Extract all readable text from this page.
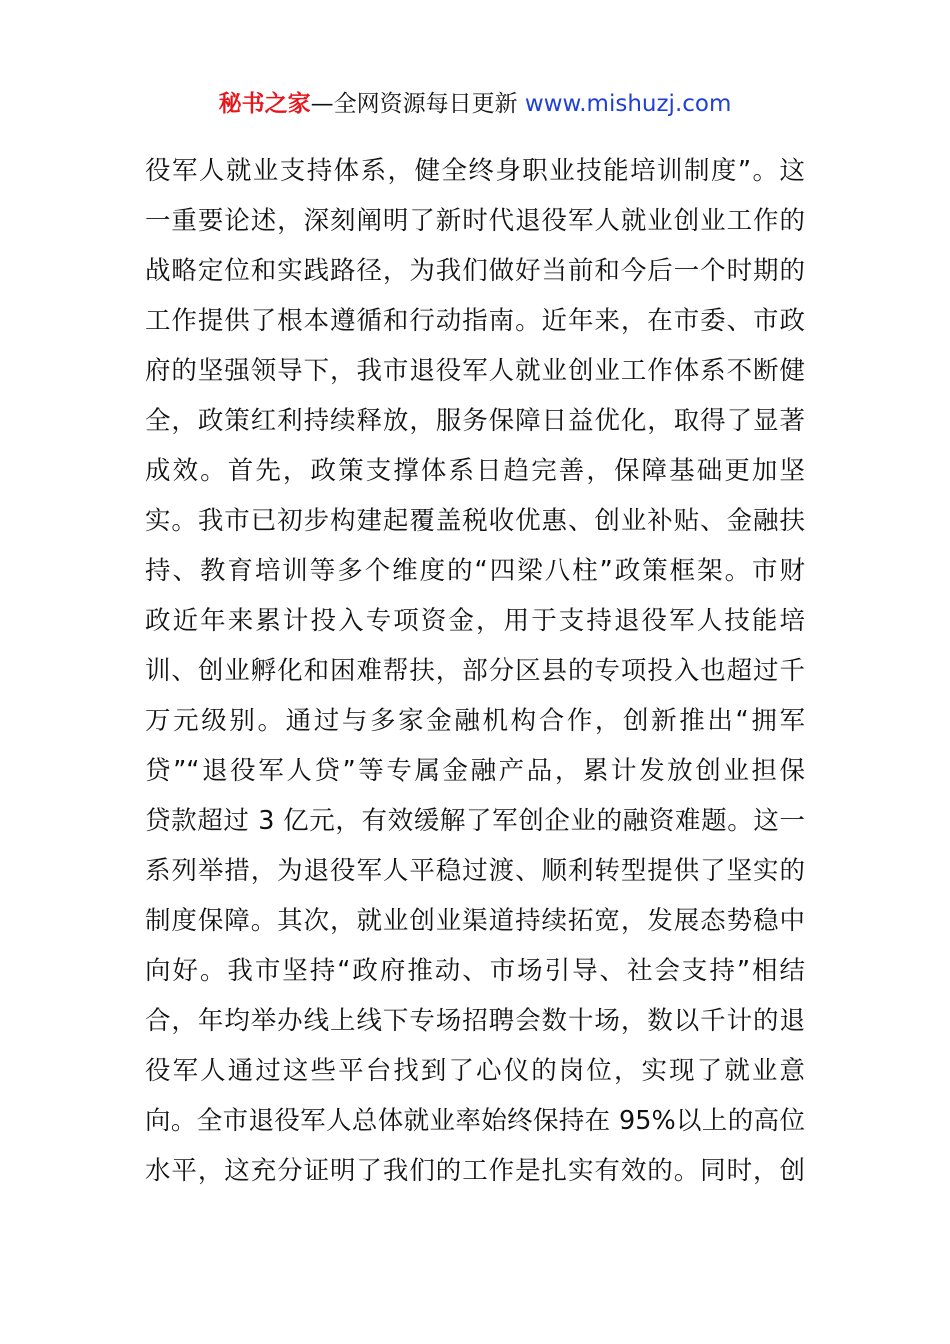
秘书之家—全网资源每日更新 www.mishuzj.com
役军人就业支持体系，健全终身职业技能培训制度”。这
一重要论述，深刻阐明了新时代退役军人就业创业工作的
战略定位和实践路径，为我们做好当前和今后一个时期的
工作提供了根本遵循和行动指南。近年来，在市委、市政
府的坚强领导下，我市退役军人就业创业工作体系不断健
全，政策红利持续释放，服务保障日益优化，取得了显著
成效。首先，政策支撑体系日趋完善，保障基础更加坚
实。我市已初步构建起覆盖税收优惠、创业补贴、金融扶
持、教育培训等多个维度的“四梁八柱”政策框架。市财
政近年来累计投入专项资金，用于支持退役军人技能培
训、创业孵化和困难帮扶，部分区县的专项投入也超过千
万元级别。通过与多家金融机构合作，创新推出“拥军
贷”“退役军人贷”等专属金融产品，累计发放创业担保
贷款超过 3 亿元，有效缓解了军创企业的融资难题。这一
系列举措，为退役军人平稳过渡、顺利转型提供了坚实的
制度保障。其次，就业创业渠道持续拓宽，发展态势稳中
向好。我市坚持“政府推动、市场引导、社会支持”相结
合，年均举办线上线下专场招聘会数十场，数以千计的退
役军人通过这些平台找到了心仪的岗位，实现了就业意
向。全市退役军人总体就业率始终保持在 95%以上的高位
水平，这充分证明了我们的工作是扎实有效的。同时，创
